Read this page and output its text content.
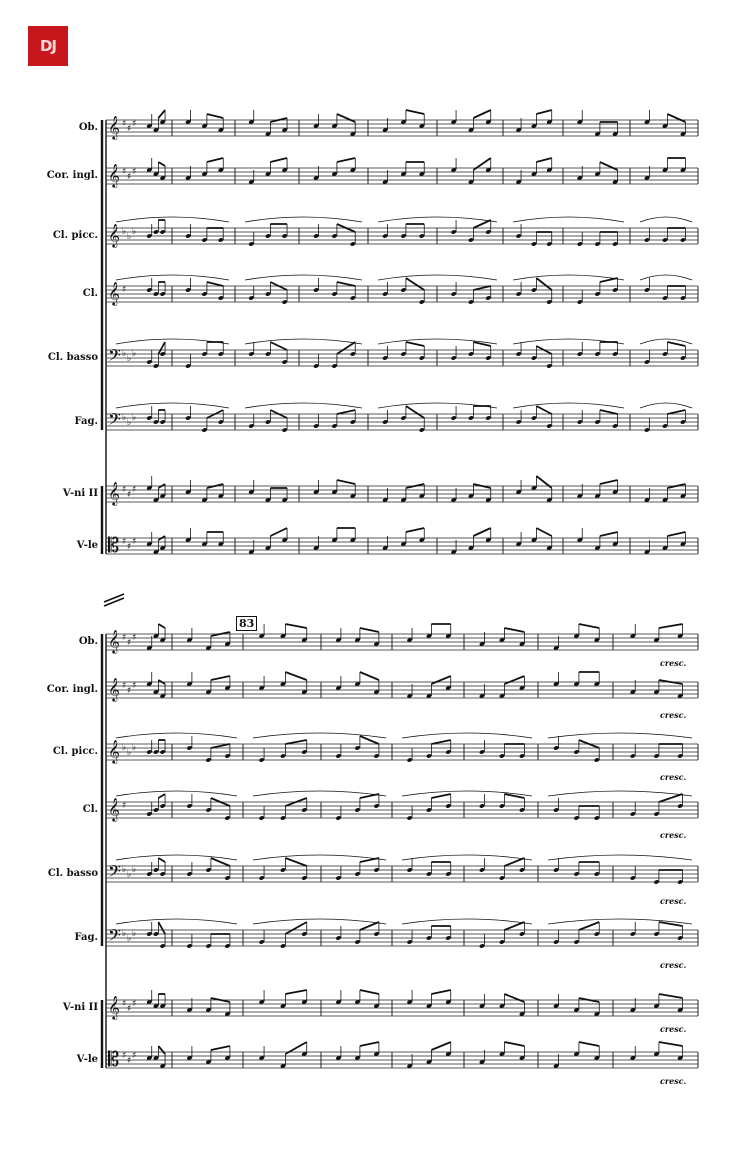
DJ
𝄞 ♯ ♯ ♯
𝄞 ♯ ♯ ♯
𝄞 ♭ ♭ ♭
𝄞 ♯
𝄢 ♭ ♭ ♭
𝄢 ♭ ♭ ♭
𝄞 ♯ ♯ ♯
𝄡 ♯ ♯ ♯
𝄞 ♯ ♯ ♯
𝄞 ♯ ♯ ♯
𝄞 ♭ ♭ ♭
𝄞 ♯
𝄢 ♭ ♭ ♭
𝄢 ♭ ♭ ♭
𝄞 ♯ ♯ ♯
𝄡 ♯ ♯ ♯
Ob.
Cor. ingl.
Cl. picc.
Cl.
Cl. basso
Fag.
V-ni II
V-le
Ob.
Cor. ingl.
Cl. picc.
Cl.
Cl. basso
Fag.
V-ni II
V-le
83
cresc.
cresc.
cresc.
cresc.
cresc.
cresc.
cresc.
cresc.
